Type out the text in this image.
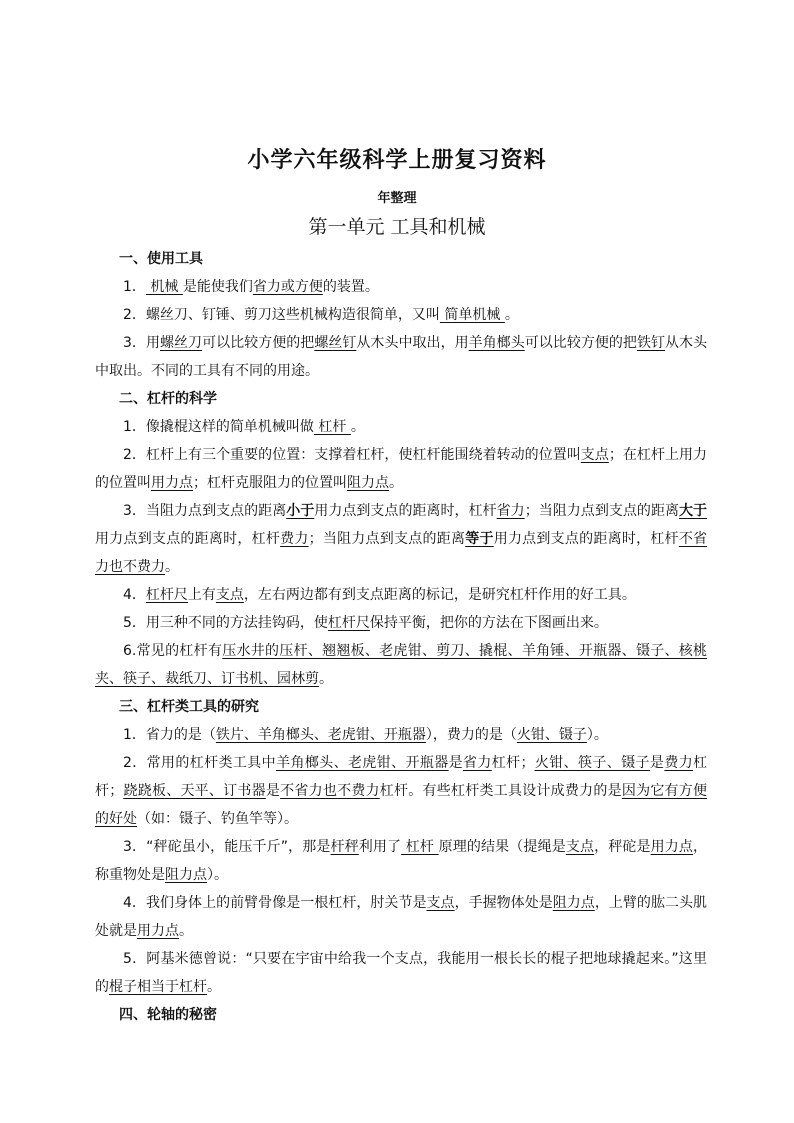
小学六年级科学上册复习资料
年整理
第一单元 工具和机械
一、使用工具
1． 机械 是能使我们省力或方便的装置。
2．螺丝刀、钉锤、剪刀这些机械构造很简单，又叫 简单机械 。
3．用螺丝刀可以比较方便的把螺丝钉从木头中取出，用羊角榔头可以比较方便的把铁钉从木头中取出。不同的工具有不同的用途。
二、杠杆的科学
1．像撬棍这样的简单机械叫做 杠杆 。
2．杠杆上有三个重要的位置：支撑着杠杆，使杠杆能围绕着转动的位置叫支点；在杠杆上用力的位置叫用力点；杠杆克服阻力的位置叫阻力点。
3．当阻力点到支点的距离小于用力点到支点的距离时，杠杆省力；当阻力点到支点的距离大于用力点到支点的距离时，杠杆费力；当阻力点到支点的距离等于用力点到支点的距离时，杠杆不省力也不费力。
4．杠杆尺上有支点，左右两边都有到支点距离的标记，是研究杠杆作用的好工具。
5．用三种不同的方法挂钩码，使杠杆尺保持平衡，把你的方法在下图画出来。
6.常见的杠杆有压水井的压杆、翘翘板、老虎钳、剪刀、撬棍、羊角锤、开瓶器、镊子、核桃夹、筷子、裁纸刀、订书机、园林剪。
三、杠杆类工具的研究
1．省力的是（铁片、羊角榔头、老虎钳、开瓶器），费力的是（火钳、镊子）。
2．常用的杠杆类工具中羊角榔头、老虎钳、开瓶器是省力杠杆；火钳、筷子、镊子是费力杠杆；跷跷板、天平、订书器是不省力也不费力杠杆。有些杠杆类工具设计成费力的是因为它有方便的好处（如：镊子、钓鱼竿等）。
3．“秤砣虽小，能压千斤”，那是杆秤利用了 杠杆 原理的结果（提绳是支点，秤砣是用力点，称重物处是阻力点）。
4．我们身体上的前臂骨像是一根杠杆，肘关节是支点，手握物体处是阻力点，上臂的肱二头肌处就是用力点。
5．阿基米德曾说：“只要在宇宙中给我一个支点，我能用一根长长的棍子把地球撬起来。”这里的棍子相当于杠杆。
四、轮轴的秘密
